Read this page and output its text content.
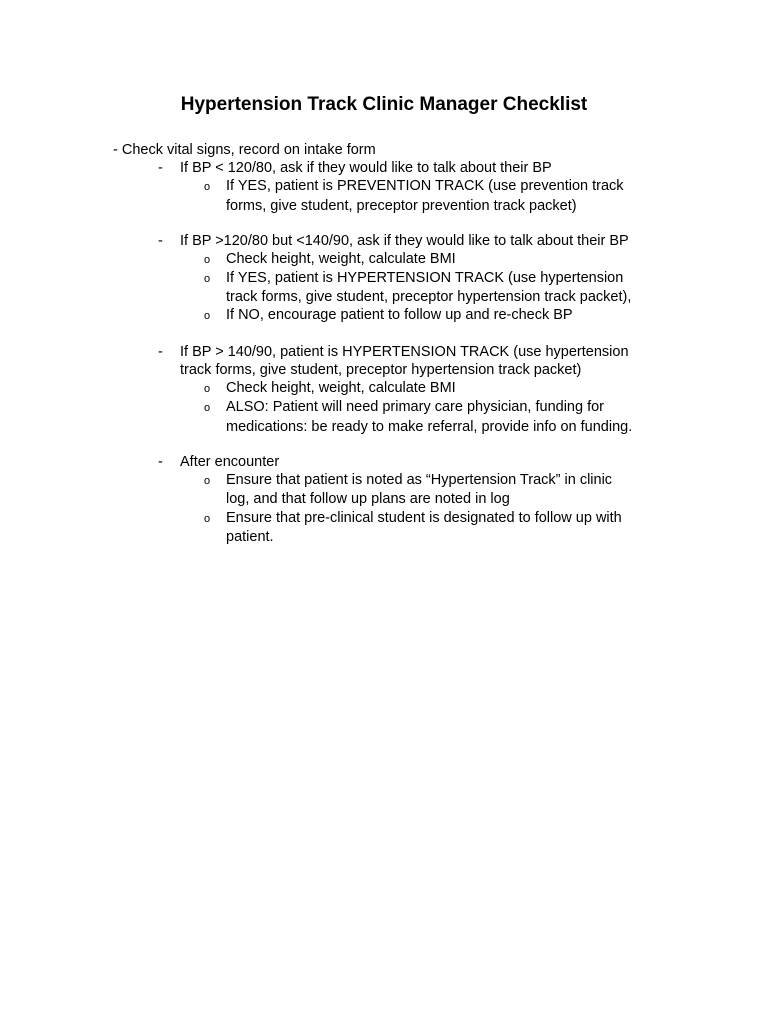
Hypertension Track Clinic Manager Checklist
- Check vital signs, record on intake form
- If BP < 120/80, ask if they would like to talk about their BP
o If YES, patient is PREVENTION TRACK (use prevention track
forms, give student, preceptor prevention track packet)
- If BP >120/80 but <140/90, ask if they would like to talk about their BP
o Check height, weight, calculate BMI
o If YES, patient is HYPERTENSION TRACK (use hypertension
track forms, give student, preceptor hypertension track packet),
o If NO, encourage patient to follow up and re-check BP
- If BP > 140/90, patient is HYPERTENSION TRACK (use hypertension
track forms, give student, preceptor hypertension track packet)
o Check height, weight, calculate BMI
o ALSO: Patient will need primary care physician, funding for
medications: be ready to make referral, provide info on funding.
- After encounter
o Ensure that patient is noted as “Hypertension Track” in clinic
log, and that follow up plans are noted in log
o Ensure that pre-clinical student is designated to follow up with
patient.
